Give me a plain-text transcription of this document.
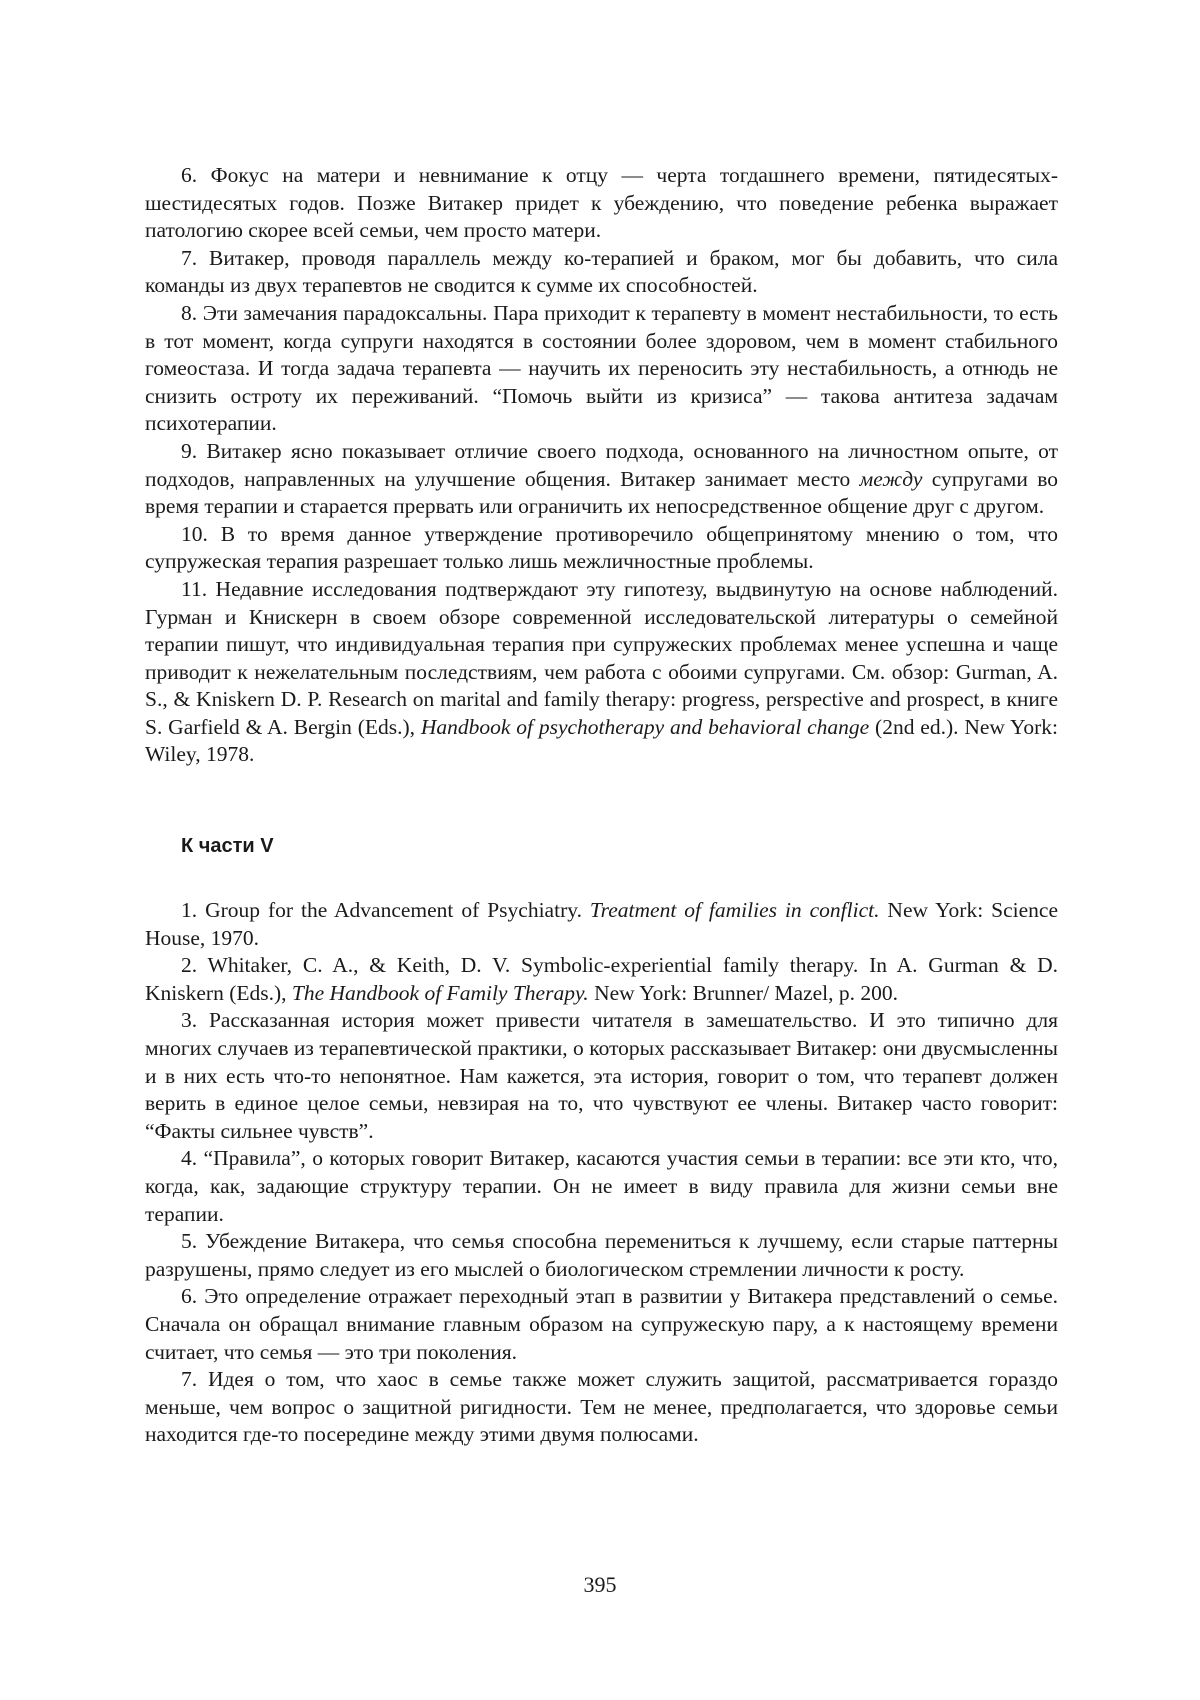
6. Фокус на матери и невнимание к отцу — черта тогдашнего времени, пятидесятых-шестидесятых годов. Позже Витакер придет к убеждению, что поведение ребенка выражает патологию скорее всей семьи, чем просто матери.

7. Витакер, проводя параллель между ко-терапией и браком, мог бы добавить, что сила команды из двух терапевтов не сводится к сумме их способностей.

8. Эти замечания парадоксальны. Пара приходит к терапевту в момент нестабильности, то есть в тот момент, когда супруги находятся в состоянии более здоровом, чем в момент стабильного гомеостаза. И тогда задача терапевта — научить их переносить эту нестабильность, а отнюдь не снизить остроту их переживаний. “Помочь выйти из кризиса” — такова антитеза задачам психотерапии.

9. Витакер ясно показывает отличие своего подхода, основанного на личностном опыте, от подходов, направленных на улучшение общения. Витакер занимает место между супругами во время терапии и старается прервать или ограничить их непосредственное общение друг с другом.

10. В то время данное утверждение противоречило общепринятому мнению о том, что супружеская терапия разрешает только лишь межличностные проблемы.

11. Недавние исследования подтверждают эту гипотезу, выдвинутую на основе наблюдений. Гурман и Книскерн в своем обзоре современной исследовательской литературы о семейной терапии пишут, что индивидуальная терапия при супружеских проблемах менее успешна и чаще приводит к нежелательным последствиям, чем работа с обоими супругами. См. обзор: Gurman, A. S., & Kniskern D. P. Research on marital and family therapy: progress, perspective and prospect, в книге S. Garfield & A. Bergin (Eds.), Handbook of psychotherapy and behavioral change (2nd ed.). New York: Wiley, 1978.

К части V

1. Group for the Advancement of Psychiatry. Treatment of families in conflict. New York: Science House, 1970.

2. Whitaker, C. A., & Keith, D. V. Symbolic-experiential family therapy. In A. Gurman & D. Kniskern (Eds.), The Handbook of Family Therapy. New York: Brunner/ Mazel, p. 200.

3. Рассказанная история может привести читателя в замешательство. И это типично для многих случаев из терапевтической практики, о которых рассказывает Витакер: они двусмысленны и в них есть что-то непонятное. Нам кажется, эта история, говорит о том, что терапевт должен верить в единое целое семьи, невзирая на то, что чувствуют ее члены. Витакер часто говорит: “Факты сильнее чувств”.

4. “Правила”, о которых говорит Витакер, касаются участия семьи в терапии: все эти кто, что, когда, как, задающие структуру терапии. Он не имеет в виду правила для жизни семьи вне терапии.

5. Убеждение Витакера, что семья способна перемениться к лучшему, если старые паттерны разрушены, прямо следует из его мыслей о биологическом стремлении личности к росту.

6. Это определение отражает переходный этап в развитии у Витакера представлений о семье. Сначала он обращал внимание главным образом на супружескую пару, а к настоящему времени считает, что семья — это три поколения.

7. Идея о том, что хаос в семье также может служить защитой, рассматривается гораздо меньше, чем вопрос о защитной ригидности. Тем не менее, предполагается, что здоровье семьи находится где-то посередине между этими двумя полюсами.

395
